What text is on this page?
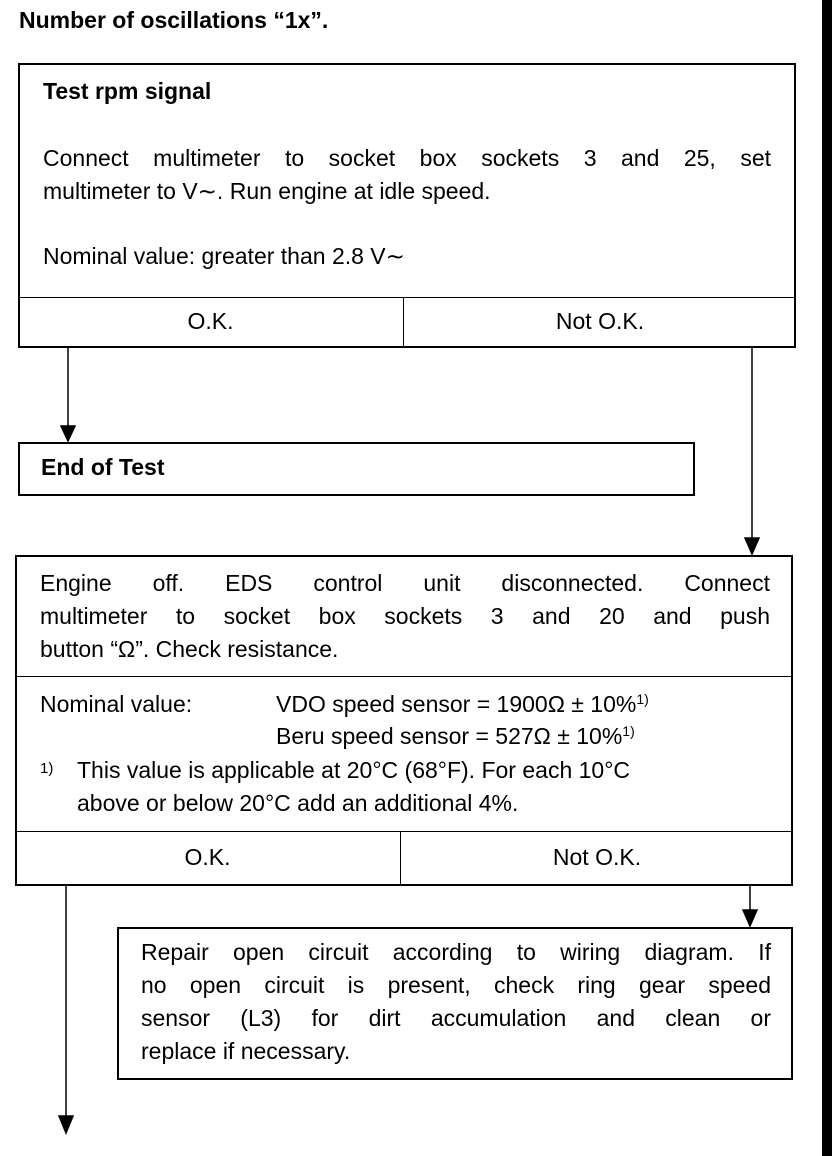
Number of oscillations “1x”.
Test rpm signal
Connect multimeter to socket box sockets 3 and 25, set
multimeter to V∼. Run engine at idle speed.
Nominal value: greater than 2.8 V∼
O.K.	Not O.K.
End of Test
Engine off. EDS control unit disconnected. Connect
multimeter to socket box sockets 3 and 20 and push
button “Ω”. Check resistance.
Nominal value:	VDO speed sensor = 1900Ω ± 10%$^{1)}$
Beru speed sensor = 527Ω ± 10%$^{1)}$
1) This value is applicable at 20°C (68°F). For each 10°C
above or below 20°C add an additional 4%.
O.K.	Not O.K.
Repair open circuit according to wiring diagram. If
no open circuit is present, check ring gear speed
sensor (L3) for dirt accumulation and clean or
replace if necessary.
